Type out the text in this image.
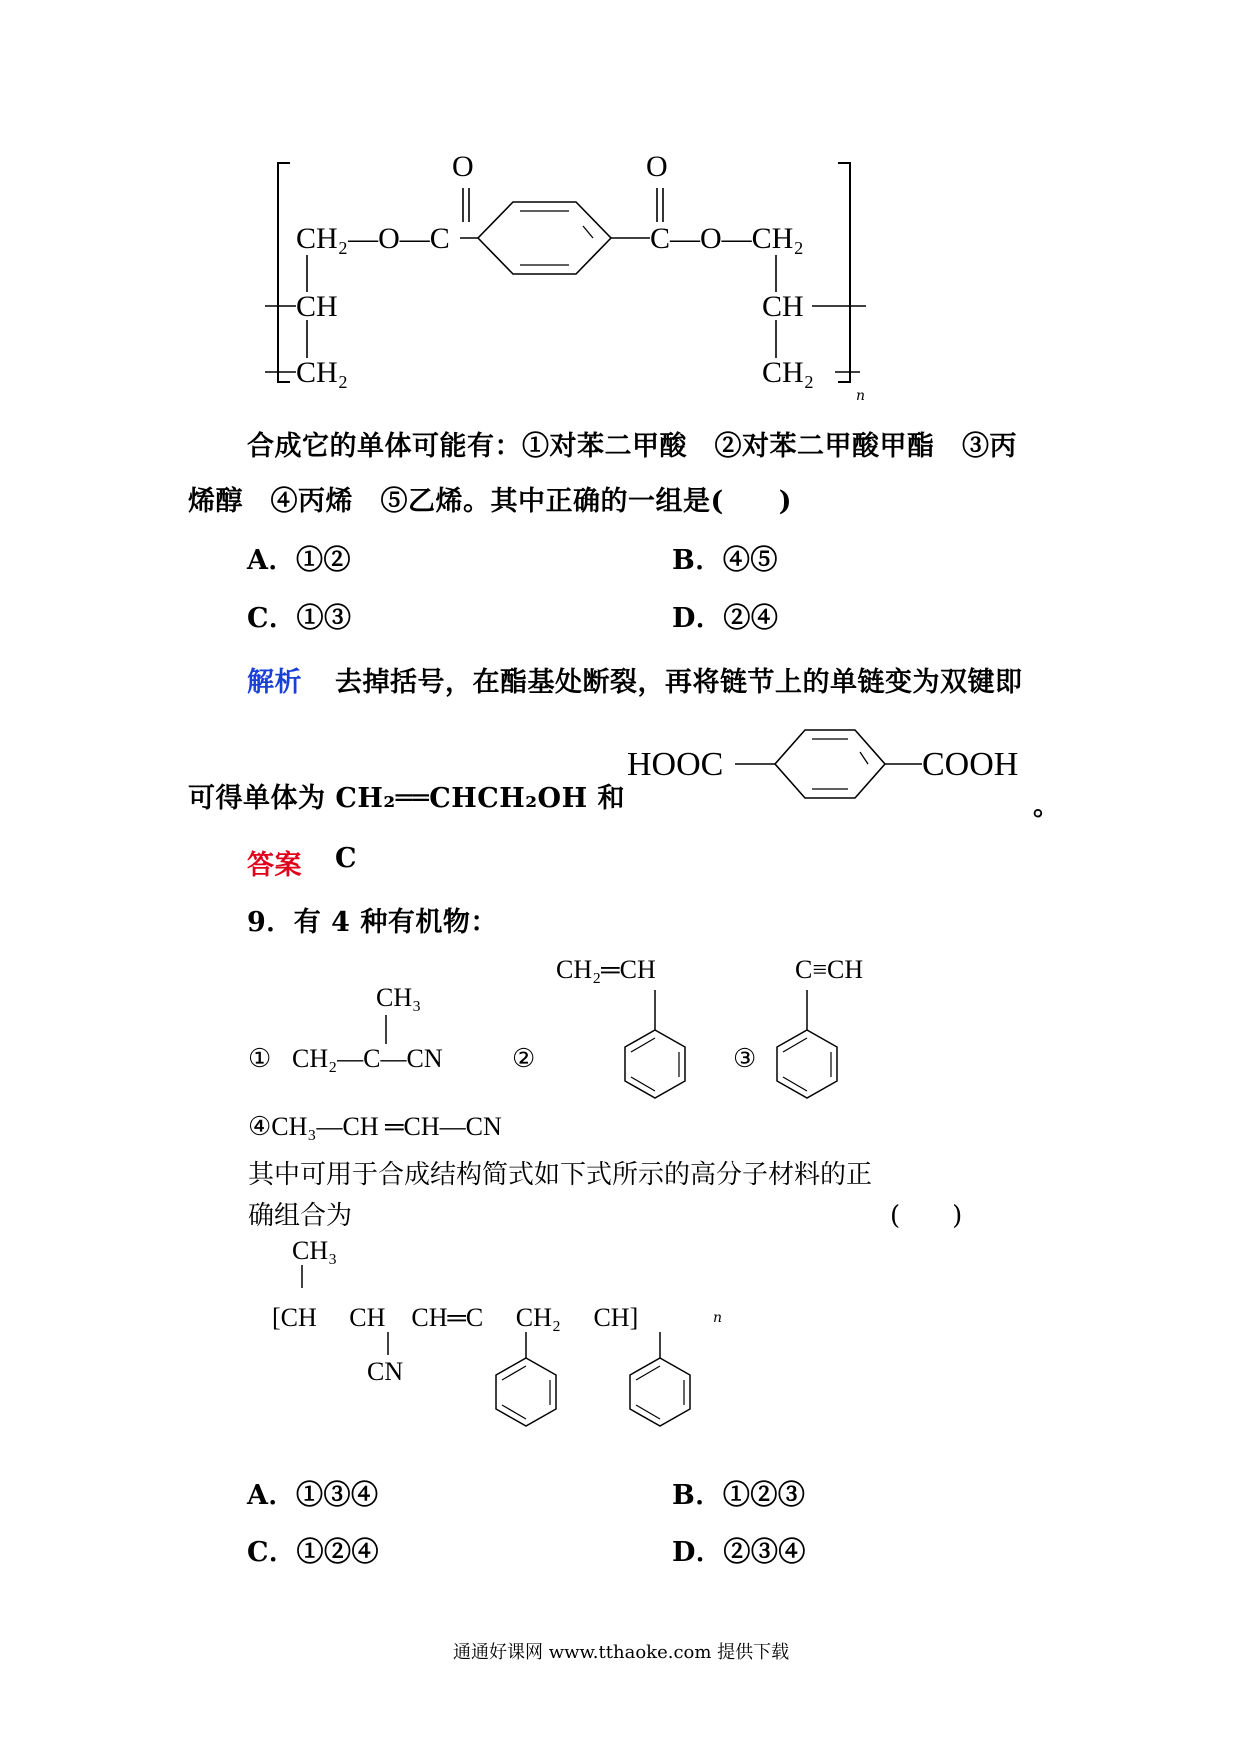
O	O
CH₂—O—C	C—O—CH₂
CH	CH
CH₂	CH₂
n
合成它的单体可能有：①对苯二甲酸　②对苯二甲酸甲酯　③丙
烯醇　④丙烯　⑤乙烯。其中正确的一组是(　　)
A．①②	B．④⑤
C．①③	D．②④
解析 去掉括号，在酯基处断裂，再将链节上的单链变为双键即
可得单体为 CH₂══CHCH₂OH 和
HOOC	COOH
。
答案 C
9．有 4 种有机物：
CH₃
① CH₂—C—CN	②
CH₂═CH
③
C≡CH
④CH₃—CH ═CH—CN
其中可用于合成结构简式如下式所示的高分子材料的正
确组合为	(　　)
CH₃
[CH　 CH　CH═C　 CH₂　 CH]	n
CN
A．①③④	B．①②③
C．①②④	D．②③④
通通好课网 www.tthaoke.com 提供下载
